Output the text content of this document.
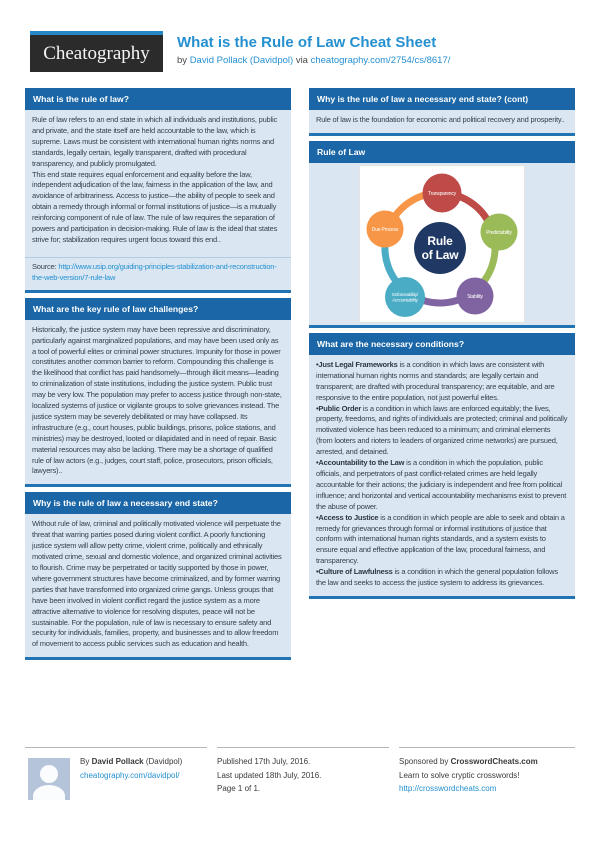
Cheatography
What is the Rule of Law Cheat Sheet
by David Pollack (Davidpol) via cheatography.com/2754/cs/8617/
What is the rule of law?

Rule of law refers to an end state in which all individuals and institutions, public and private, and the state itself are held accountable to the law, which is supreme. Laws must be consistent with international human rights norms and standards, legally certain, legally transparent, drafted with procedural transparency, and publicly promulgated.

This end state requires equal enforcement and equality before the law, independent adjudication of the law, fairness in the application of the law, and avoidance of arbitrariness. Access to justice—the ability of people to seek and obtain a remedy through informal or formal institutions of justice—is a mutually reinforcing component of rule of law. The rule of law requires the separation of powers and participation in decision-making. Rule of law is the ideal that states strive for; stabilization requires urgent focus toward this end..

Source: http://www.usip.org/guiding-principles-stabilization-and-reconstruction-the-web-version/7-rule-law
What are the key rule of law challenges?

Historically, the justice system may have been repressive and discriminatory, particularly against marginalized populations, and may have been used only as a tool of powerful elites or criminal power structures. Impunity for those in power constitutes another common barrier to reform. Compounding this challenge is the likelihood that conflict has paid handsomely—through illicit means—leading to criminalization of state institutions, including the justice system. Public trust may be very low. The population may prefer to access justice through non-state, localized systems of justice or vigilante groups to solve grievances instead. The justice system may be severely debilitated or may have collapsed. Its infrastructure (e.g., court houses, public buildings, prisons, police stations, and ministries) may be destroyed, looted or dilapidated and in need of repair. Basic material resources may also be lacking. There may be a shortage of qualified rule of law actors (e.g., judges, court staff, police, prosecutors, prison officials, lawyers)..

Why is the rule of law a necessary end state?

Without rule of law, criminal and politically motivated violence will perpetuate the threat that warring parties posed during violent conflict. A poorly functioning justice system will allow petty crime, violent crime, politically and ethnically motivated crime, sexual and domestic violence, and organized criminal activities to flourish. Crime may be perpetrated or tacitly supported by those in power, where government structures have become criminalized, and by former warring parties that have transformed into organized crime gangs. Unless groups that have been involved in violent conflict regard the justice system as a more attractive alternative to violence for resolving disputes, peace will not be sustainable. For the population, rule of law is necessary to ensure safety and security for individuals, families, property, and businesses and to allow freedom of movement to access public services such as education and health.

Why is the rule of law a necessary end state? (cont)

Rule of law is the foundation for economic and political recovery and prosperity..

Rule of Law
Transparency
Predictability
Stability
Enforceability/ Accountability
Due Process
Rule of Law
What are the necessary conditions?

•Just Legal Frameworks is a condition in which laws are consistent with international human rights norms and standards; are legally certain and transparent; are drafted with procedural transparency; are equitable, and are responsive to the entire population, not just powerful elites.

•Public Order is a condition in which laws are enforced equitably; the lives, property, freedoms, and rights of individuals are protected; criminal and politically motivated violence has been reduced to a minimum; and criminal elements (from looters and rioters to leaders of organized crime networks) are pursued, arrested, and detained.

•Accountability to the Law is a condition in which the population, public officials, and perpetrators of past conflict-related crimes are held legally accountable for their actions; the judiciary is independent and free from political influence; and horizontal and vertical accountability mechanisms exist to prevent the abuse of power.

•Access to Justice is a condition in which people are able to seek and obtain a remedy for grievances through formal or informal institutions of justice that conform with international human rights standards, and a system exists to ensure equal and effective application of the law, procedural fairness, and transparency.

•Culture of Lawfulness is a condition in which the general population follows the law and seeks to access the justice system to address its grievances.

By David Pollack (Davidpol)
cheatography.com/davidpol/
Published 17th July, 2016.
Last updated 18th July, 2016.
Page 1 of 1.
Sponsored by CrosswordCheats.com
Learn to solve cryptic crosswords!
http://crosswordcheats.com
